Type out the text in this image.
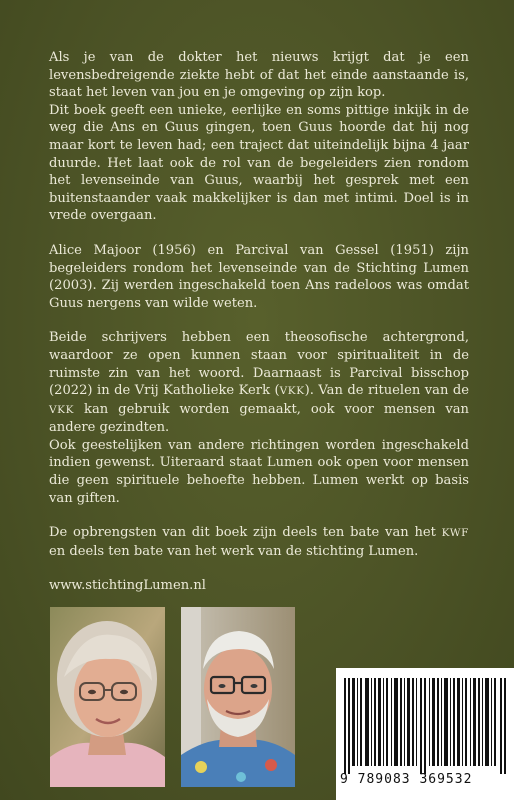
Als je van de dokter het nieuws krijgt dat je een levensbedreigende ziekte hebt of dat het einde aanstaande is, staat het leven van jou en je omgeving op zijn kop.

Dit boek geeft een unieke, eerlijke en soms pittige inkijk in de weg die Ans en Guus gingen, toen Guus hoorde dat hij nog maar kort te leven had; een traject dat uiteindelijk bijna 4 jaar duurde. Het laat ook de rol van de begeleiders zien rondom het levenseinde van Guus, waarbij het gesprek met een buitenstaander vaak makkelijker is dan met intimi. Doel is in vrede overgaan.

Alice Majoor (1956) en Parcival van Gessel (1951) zijn begeleiders rondom het levenseinde van de Stichting Lumen (2003). Zij werden ingeschakeld toen Ans radeloos was omdat Guus nergens van wilde weten.

Beide schrijvers hebben een theosofische achtergrond, waardoor ze open kunnen staan voor spiritualiteit in de ruimste zin van het woord. Daarnaast is Parcival bisschop (2022) in de Vrij Katholieke Kerk (VKK). Van de rituelen van de VKK kan gebruik worden gemaakt, ook voor mensen van andere gezindten.

Ook geestelijken van andere richtingen worden ingeschakeld indien gewenst. Uiteraard staat Lumen ook open voor mensen die geen spirituele behoefte hebben. Lumen werkt op basis van giften.

De opbrengsten van dit boek zijn deels ten bate van het KWF en deels ten bate van het werk van de stichting Lumen.

www.stichtingLumen.nl

9 789083 369532
